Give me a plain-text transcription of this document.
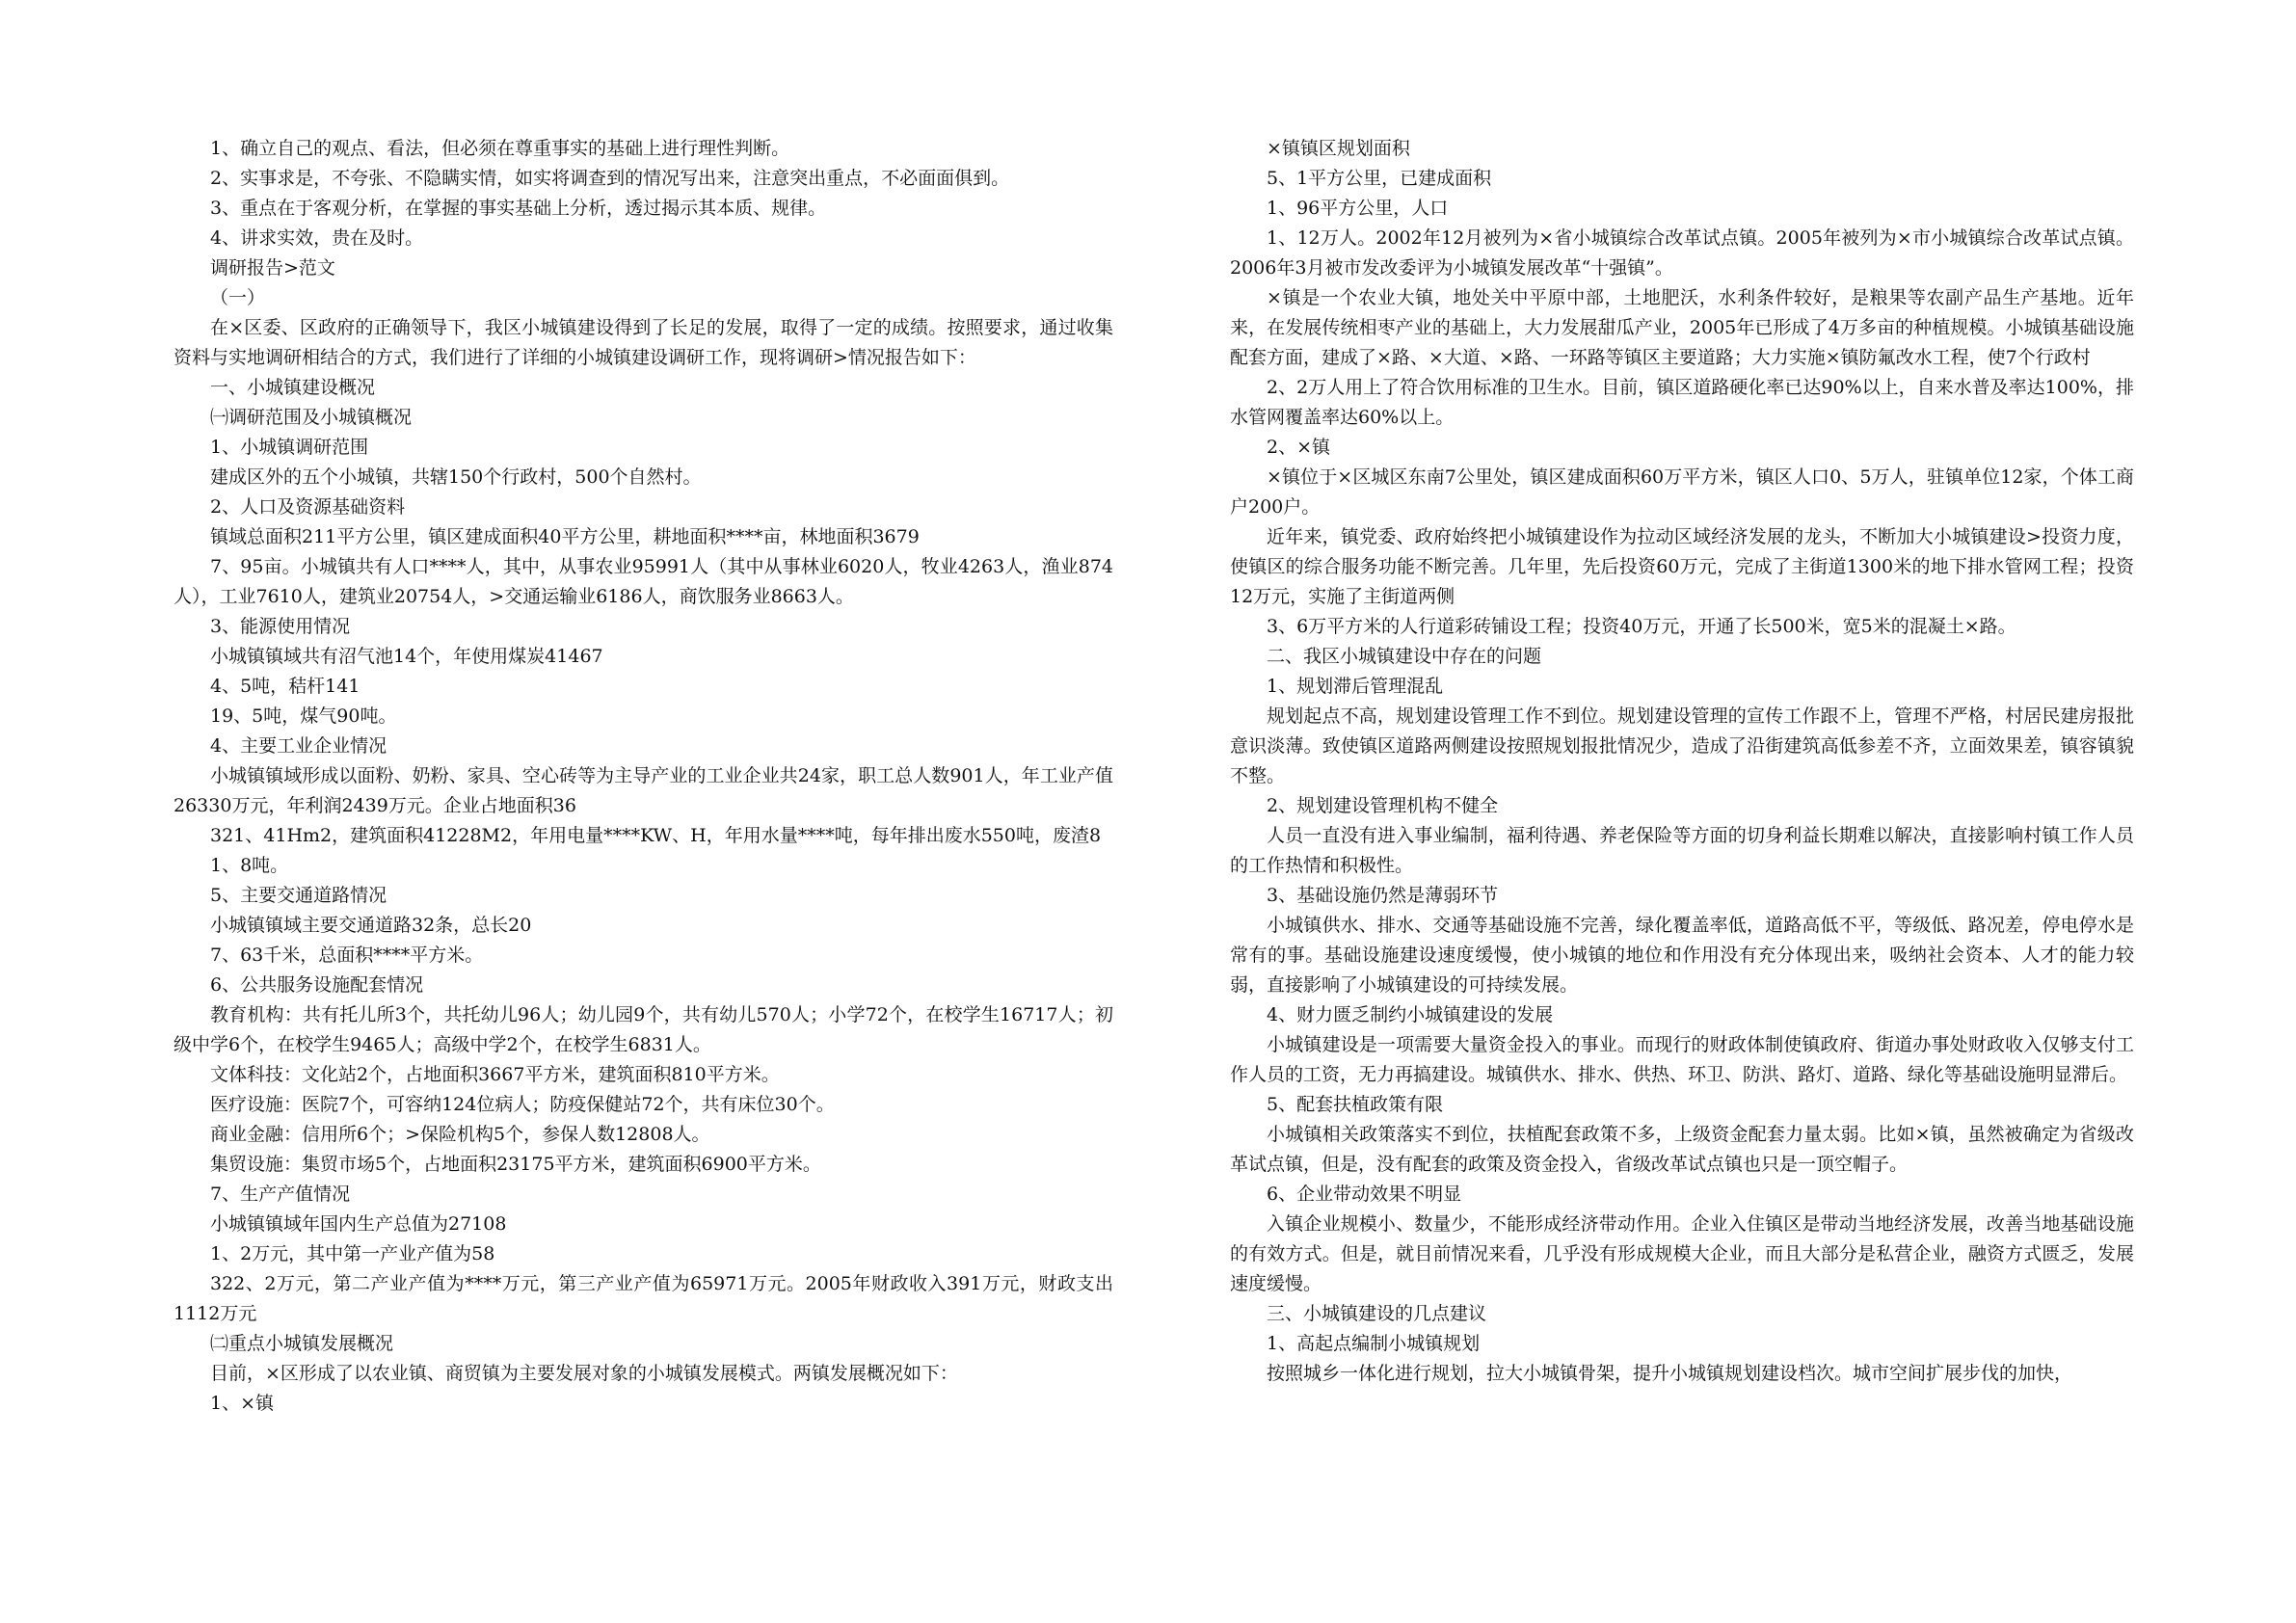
1、确立自己的观点、看法，但必须在尊重事实的基础上进行理性判断。

2、实事求是，不夸张、不隐瞒实情，如实将调查到的情况写出来，注意突出重点，不必面面俱到。

3、重点在于客观分析，在掌握的事实基础上分析，透过揭示其本质、规律。

4、讲求实效，贵在及时。

调研报告>范文

（一）

在×区委、区政府的正确领导下，我区小城镇建设得到了长足的发展，取得了一定的成绩。按照要求，通过收集资料与实地调研相结合的方式，我们进行了详细的小城镇建设调研工作，现将调研>情况报告如下：

一、小城镇建设概况

㈠调研范围及小城镇概况

1、小城镇调研范围

建成区外的五个小城镇，共辖150个行政村，500个自然村。

2、人口及资源基础资料

镇域总面积211平方公里，镇区建成面积40平方公里，耕地面积****亩，林地面积3679

7、95亩。小城镇共有人口****人，其中，从事农业95991人（其中从事林业6020人，牧业4263人，渔业874人），工业7610人，建筑业20754人，>交通运输业6186人，商饮服务业8663人。

3、能源使用情况

小城镇镇域共有沼气池14个，年使用煤炭41467

4、5吨，秸杆141

19、5吨，煤气90吨。

4、主要工业企业情况

小城镇镇域形成以面粉、奶粉、家具、空心砖等为主导产业的工业企业共24家，职工总人数901人，年工业产值26330万元，年利润2439万元。企业占地面积36

321、41Hm2，建筑面积41228M2，年用电量****KW、H，年用水量****吨，每年排出废水550吨，废渣8

1、8吨。

5、主要交通道路情况

小城镇镇域主要交通道路32条，总长20

7、63千米，总面积****平方米。

6、公共服务设施配套情况

教育机构：共有托儿所3个，共托幼儿96人；幼儿园9个，共有幼儿570人；小学72个，在校学生16717人；初级中学6个，在校学生9465人；高级中学2个，在校学生6831人。

文体科技：文化站2个，占地面积3667平方米，建筑面积810平方米。

医疗设施：医院7个，可容纳124位病人；防疫保健站72个，共有床位30个。

商业金融：信用所6个；>保险机构5个，参保人数12808人。

集贸设施：集贸市场5个，占地面积23175平方米，建筑面积6900平方米。

7、生产产值情况

小城镇镇域年国内生产总值为27108

1、2万元，其中第一产业产值为58

322、2万元，第二产业产值为****万元，第三产业产值为65971万元。2005年财政收入391万元，财政支出1112万元

㈡重点小城镇发展概况

目前，×区形成了以农业镇、商贸镇为主要发展对象的小城镇发展模式。两镇发展概况如下：

1、×镇

×镇镇区规划面积

5、1平方公里，已建成面积

1、96平方公里，人口

1、12万人。2002年12月被列为×省小城镇综合改革试点镇。2005年被列为×市小城镇综合改革试点镇。2006年3月被市发改委评为小城镇发展改革“十强镇”。

×镇是一个农业大镇，地处关中平原中部，土地肥沃，水利条件较好，是粮果等农副产品生产基地。近年来，在发展传统相枣产业的基础上，大力发展甜瓜产业，2005年已形成了4万多亩的种植规模。小城镇基础设施配套方面，建成了×路、×大道、×路、一环路等镇区主要道路；大力实施×镇防氟改水工程，使7个行政村

2、2万人用上了符合饮用标准的卫生水。目前，镇区道路硬化率已达90%以上，自来水普及率达100%，排水管网覆盖率达60%以上。

2、×镇

×镇位于×区城区东南7公里处，镇区建成面积60万平方米，镇区人口0、5万人，驻镇单位12家，个体工商户200户。

近年来，镇党委、政府始终把小城镇建设作为拉动区域经济发展的龙头，不断加大小城镇建设>投资力度，使镇区的综合服务功能不断完善。几年里，先后投资60万元，完成了主街道1300米的地下排水管网工程；投资12万元，实施了主街道两侧

3、6万平方米的人行道彩砖铺设工程；投资40万元，开通了长500米，宽5米的混凝土×路。

二、我区小城镇建设中存在的问题

1、规划滞后管理混乱

规划起点不高，规划建设管理工作不到位。规划建设管理的宣传工作跟不上，管理不严格，村居民建房报批意识淡薄。致使镇区道路两侧建设按照规划报批情况少，造成了沿街建筑高低参差不齐，立面效果差，镇容镇貌不整。

2、规划建设管理机构不健全

人员一直没有进入事业编制，福利待遇、养老保险等方面的切身利益长期难以解决，直接影响村镇工作人员的工作热情和积极性。

3、基础设施仍然是薄弱环节

小城镇供水、排水、交通等基础设施不完善，绿化覆盖率低，道路高低不平，等级低、路况差，停电停水是常有的事。基础设施建设速度缓慢，使小城镇的地位和作用没有充分体现出来，吸纳社会资本、人才的能力较弱，直接影响了小城镇建设的可持续发展。

4、财力匮乏制约小城镇建设的发展

小城镇建设是一项需要大量资金投入的事业。而现行的财政体制使镇政府、街道办事处财政收入仅够支付工作人员的工资，无力再搞建设。城镇供水、排水、供热、环卫、防洪、路灯、道路、绿化等基础设施明显滞后。

5、配套扶植政策有限

小城镇相关政策落实不到位，扶植配套政策不多，上级资金配套力量太弱。比如×镇，虽然被确定为省级改革试点镇，但是，没有配套的政策及资金投入，省级改革试点镇也只是一顶空帽子。

6、企业带动效果不明显

入镇企业规模小、数量少，不能形成经济带动作用。企业入住镇区是带动当地经济发展，改善当地基础设施的有效方式。但是，就目前情况来看，几乎没有形成规模大企业，而且大部分是私营企业，融资方式匮乏，发展速度缓慢。

三、小城镇建设的几点建议

1、高起点编制小城镇规划

按照城乡一体化进行规划，拉大小城镇骨架，提升小城镇规划建设档次。城市空间扩展步伐的加快，
